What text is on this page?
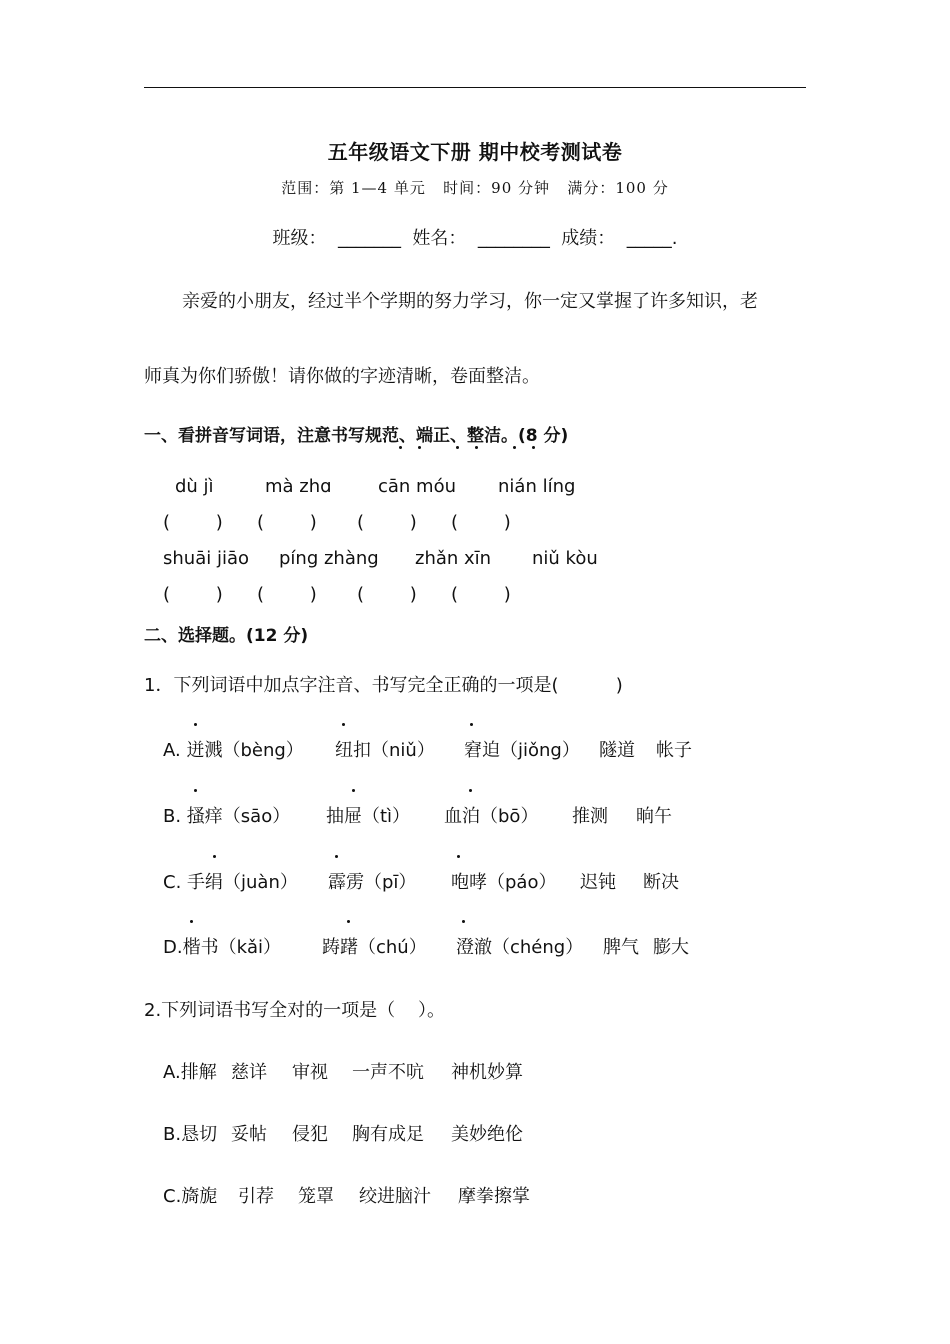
五年级语文下册 期中校考测试卷
范围：第 1—4 单元   时间：90 分钟   满分：100 分
班级：  _______  姓名：  ________  成绩：  _____.
亲爱的小朋友，经过半个学期的努力学习，你一定又掌握了许多知识，老
师真为你们骄傲！请你做的字迹清晰，卷面整洁。
一、看拼音写词语，注意书写规范、端正、整洁。(8 分)
dù jì	mà zhɑ	cān móu nián líng
(        ) (        ) (        ) (        )
shuāi jiāo píng zhàng zhǎn xīn niǔ kòu
(        ) (        ) (        ) (        )
二、选择题。(12 分)
1．下列词语中加点字注音、书写完全正确的一项是(          )
A. 迸溅（bèng） 纽扣（niǔ） 窘迫（jiǒng） 隧道 帐子
B. 搔痒（sāo） 抽屉（tì） 血泊（bō） 推测 晌午
C. 手绢（juàn） 霹雳（pī） 咆哮（páo） 迟钝 断决
D.楷书（kǎi） 踌躇（chú） 澄澈（chéng） 脾气 膨大
2.下列词语书写全对的一项是（    ）。
A.排解 慈详 审视 一声不吭 神机妙算
B.恳切 妥帖 侵犯 胸有成足 美妙绝伦
C.旖旎 引荐 笼罩 绞进脑汁 摩拳擦掌
